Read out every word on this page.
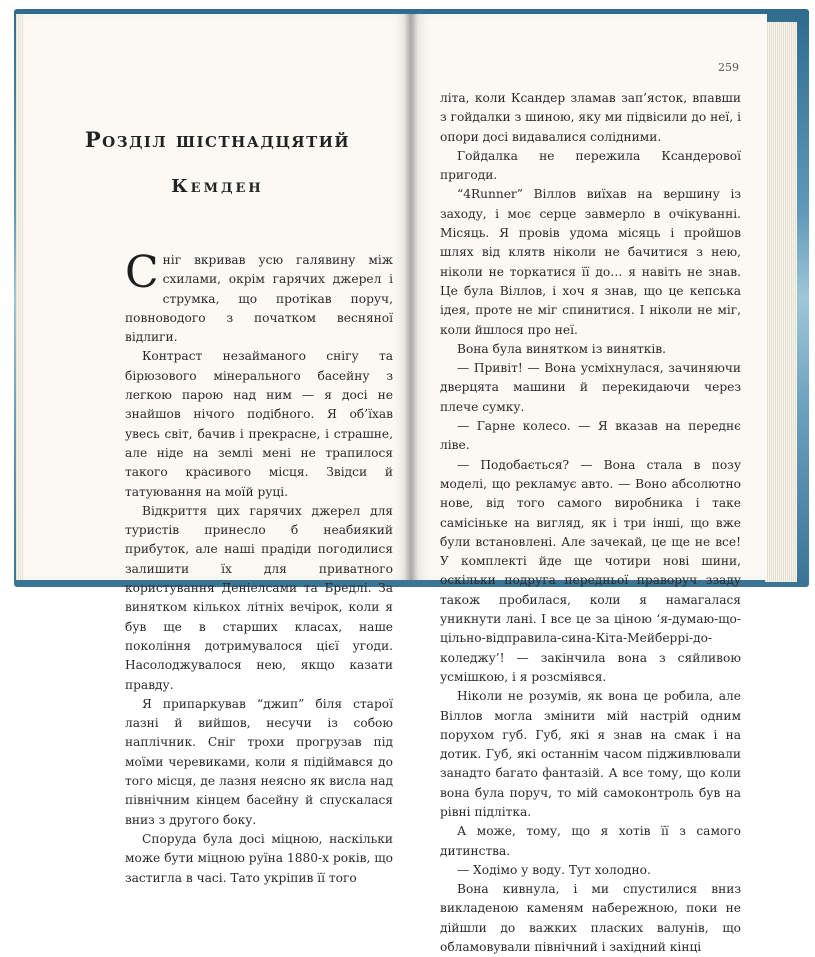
Розділ шістнадцятий
Кемден

Сніг вкривав усю галявину між схилами, окрім гарячих джерел і струмка, що протікав поруч, повноводого з початком весняної відлиги.

Контраст незайманого снігу та бірюзового мінерального басейну з легкою парою над ним — я досі не знайшов нічого подібного. Я об’їхав увесь світ, бачив і прекрасне, і страшне, але ніде на землі мені не трапилося такого красивого місця. Звідси й татуювання на моїй руці.

Відкриття цих гарячих джерел для туристів принесло б неабиякий прибуток, але наші прадіди погодилися залишити їх для приватного користування Деніелсами та Бредлі. За винятком кількох літніх вечірок, коли я був ще в старших класах, наше покоління дотримувалося цієї угоди. Насолоджувалося нею, якщо казати правду.

Я припаркував “джип” біля старої лазні й вийшов, несучи із собою наплічник. Сніг трохи прогрузав під моїми черевиками, коли я підіймався до того місця, де лазня неясно як висла над північним кінцем басейну й спускалася вниз з другого боку.

Споруда була досі міцною, наскільки може бути міцною руїна 1880-х років, що застигла в часі. Тато укріпив її того

259

літа, коли Ксандер зламав зап’ясток, впавши з гойдалки з шиною, яку ми підвісили до неї, і опори досі видавалися солідними.

Гойдалка не пережила Ксандерової пригоди.

“4Runner” Віллов виїхав на вершину із заходу, і моє серце завмерло в очікуванні. Місяць. Я провів удома місяць і пройшов шлях від клятв ніколи не бачитися з нею, ніколи не торкатися її до… я навіть не знав. Це була Віллов, і хоч я знав, що це кепська ідея, проте не міг спинитися. І ніколи не міг, коли йшлося про неї.

Вона була винятком із винятків.

— Привіт! — Вона усміхнулася, зачиняючи дверцята машини й перекидаючи через плече сумку.

— Гарне колесо. — Я вказав на переднє ліве.

— Подобається? — Вона стала в позу моделі, що рекламує авто. — Воно абсолютно нове, від того самого виробника і таке самісіньке на вигляд, як і три інші, що вже були встановлені. Але зачекай, це ще не все! У комплекті йде ще чотири нові шини, оскільки подруга передньої праворуч ззаду також пробилася, коли я намагалася уникнути лані. І все це за ціною ‘я-думаю-що-цільно-відправила-сина-Кіта-Мейберрі-до-коледжу’! — закінчила вона з сяйливою усмішкою, і я розсміявся.

Ніколи не розумів, як вона це робила, але Віллов могла змінити мій настрій одним порухом губ. Губ, які я знав на смак і на дотик. Губ, які останнім часом підживлювали занадто багато фантазій. А все тому, що коли вона була поруч, то мій самоконтроль був на рівні підлітка.

А може, тому, що я хотів її з самого дитинства.

— Ходімо у воду. Тут холодно.

Вона кивнула, і ми спустилися вниз викладеною каменям набережною, поки не дійшли до важких пласких валунів, що обламовували північний і західний кінці
